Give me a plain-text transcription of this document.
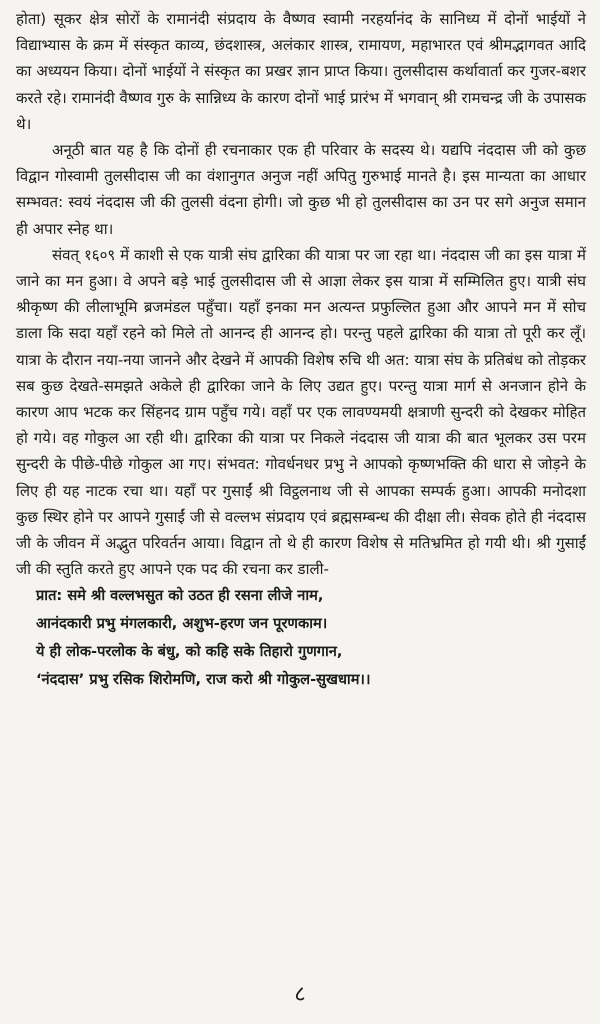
होता) सूकर क्षेत्र सोरों के रामानंदी संप्रदाय के वैष्णव स्वामी नरहर्यानंद के सानिध्य में दोनों भाईयों ने विद्याभ्यास के क्रम में संस्कृत काव्य, छंदशास्त्र, अलंकार शास्त्र, रामायण, महाभारत एवं श्रीमद्भागवत आदि का अध्ययन किया। दोनों भाईयों ने संस्कृत का प्रखर ज्ञान प्राप्त किया। तुलसीदास कर्थावार्ता कर गुजर-बशर करते रहे। रामानंदी वैष्णव गुरु के सान्निध्य के कारण दोनों भाई प्रारंभ में भगवान् श्री रामचन्द्र जी के उपासक थे।

अनूठी बात यह है कि दोनों ही रचनाकार एक ही परिवार के सदस्य थे। यद्यपि नंददास जी को कुछ विद्वान गोस्वामी तुलसीदास जी का वंशानुगत अनुज नहीं अपितु गुरुभाई मानते है। इस मान्यता का आधार सम्भवत: स्वयं नंददास जी की तुलसी वंदना होगी। जो कुछ भी हो तुलसीदास का उन पर सगे अनुज समान ही अपार स्नेह था।

संवत् १६०९ में काशी से एक यात्री संघ द्वारिका की यात्रा पर जा रहा था। नंददास जी का इस यात्रा में जाने का मन हुआ। वे अपने बड़े भाई तुलसीदास जी से आज्ञा लेकर इस यात्रा में सम्मिलित हुए। यात्री संघ श्रीकृष्ण की लीलाभूमि ब्रजमंडल पहुँचा। यहाँ इनका मन अत्यन्त प्रफुल्लित हुआ और आपने मन में सोच डाला कि सदा यहाँ रहने को मिले तो आनन्द ही आनन्द हो। परन्तु पहले द्वारिका की यात्रा तो पूरी कर लूँ। यात्रा के दौरान नया-नया जानने और देखने में आपकी विशेष रुचि थी अत: यात्रा संघ के प्रतिबंध को तोड़कर सब कुछ देखते-समझते अकेले ही द्वारिका जाने के लिए उद्यत हुए। परन्तु यात्रा मार्ग से अनजान होने के कारण आप भटक कर सिंहनद ग्राम पहुँच गये। वहाँ पर एक लावण्यमयी क्षत्राणी सुन्दरी को देखकर मोहित हो गये। वह गोकुल आ रही थी। द्वारिका की यात्रा पर निकले नंददास जी यात्रा की बात भूलकर उस परम सुन्दरी के पीछे-पीछे गोकुल आ गए। संभवत: गोवर्धनधर प्रभु ने आपको कृष्णभक्ति की धारा से जोड़ने के लिए ही यह नाटक रचा था। यहाँ पर गुसाईं श्री विट्ठलनाथ जी से आपका सम्पर्क हुआ। आपकी मनोदशा कुछ स्थिर होने पर आपने गुसाईं जी से वल्लभ संप्रदाय एवं ब्रह्मसम्बन्ध की दीक्षा ली। सेवक होते ही नंददास जी के जीवन में अद्भुत परिवर्तन आया। विद्वान तो थे ही कारण विशेष से मतिभ्रमित हो गयी थी। श्री गुसाईं जी की स्तुति करते हुए आपने एक पद की रचना कर डाली-

प्रात: समे श्री वल्लभसुत को उठत ही रसना लीजे नाम,
आनंदकारी प्रभु मंगलकारी, अशुभ-हरण जन पूरणकाम।
ये ही लोक-परलोक के बंधु, को कहि सके तिहारो गुणगान,
‘नंददास’ प्रभु रसिक शिरोमणि, राज करो श्री गोकुल-सुखधाम।।
८
